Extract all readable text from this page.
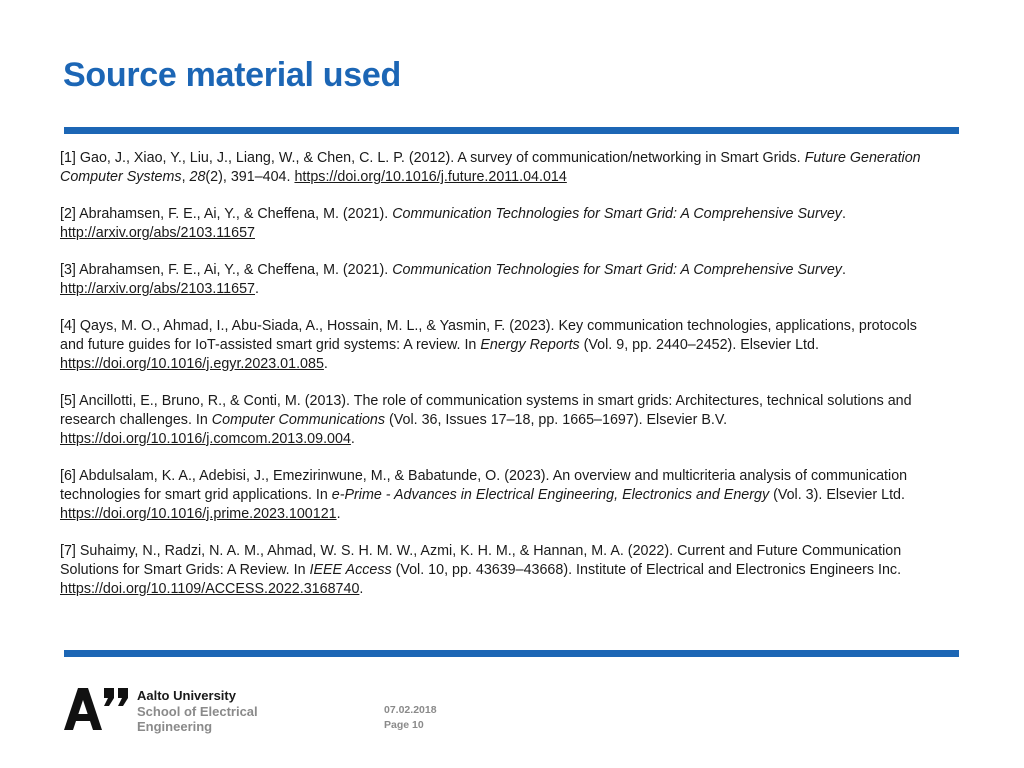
Source material used
[1] Gao, J., Xiao, Y., Liu, J., Liang, W., & Chen, C. L. P. (2012). A survey of communication/networking in Smart Grids. Future Generation Computer Systems, 28(2), 391–404. https://doi.org/10.1016/j.future.2011.04.014
[2] Abrahamsen, F. E., Ai, Y., & Cheffena, M. (2021). Communication Technologies for Smart Grid: A Comprehensive Survey. http://arxiv.org/abs/2103.11657
[3] Abrahamsen, F. E., Ai, Y., & Cheffena, M. (2021). Communication Technologies for Smart Grid: A Comprehensive Survey. http://arxiv.org/abs/2103.11657.
[4] Qays, M. O., Ahmad, I., Abu-Siada, A., Hossain, M. L., & Yasmin, F. (2023). Key communication technologies, applications, protocols and future guides for IoT-assisted smart grid systems: A review. In Energy Reports (Vol. 9, pp. 2440–2452). Elsevier Ltd. https://doi.org/10.1016/j.egyr.2023.01.085.
[5] Ancillotti, E., Bruno, R., & Conti, M. (2013). The role of communication systems in smart grids: Architectures, technical solutions and research challenges. In Computer Communications (Vol. 36, Issues 17–18, pp. 1665–1697). Elsevier B.V. https://doi.org/10.1016/j.comcom.2013.09.004.
[6] Abdulsalam, K. A., Adebisi, J., Emezirinwune, M., & Babatunde, O. (2023). An overview and multicriteria analysis of communication technologies for smart grid applications. In e-Prime - Advances in Electrical Engineering, Electronics and Energy (Vol. 3). Elsevier Ltd. https://doi.org/10.1016/j.prime.2023.100121.
[7] Suhaimy, N., Radzi, N. A. M., Ahmad, W. S. H. M. W., Azmi, K. H. M., & Hannan, M. A. (2022). Current and Future Communication Solutions for Smart Grids: A Review. In IEEE Access (Vol. 10, pp. 43639–43668). Institute of Electrical and Electronics Engineers Inc. https://doi.org/10.1109/ACCESS.2022.3168740.
Aalto University
School of Electrical
Engineering
07.02.2018
Page 10
